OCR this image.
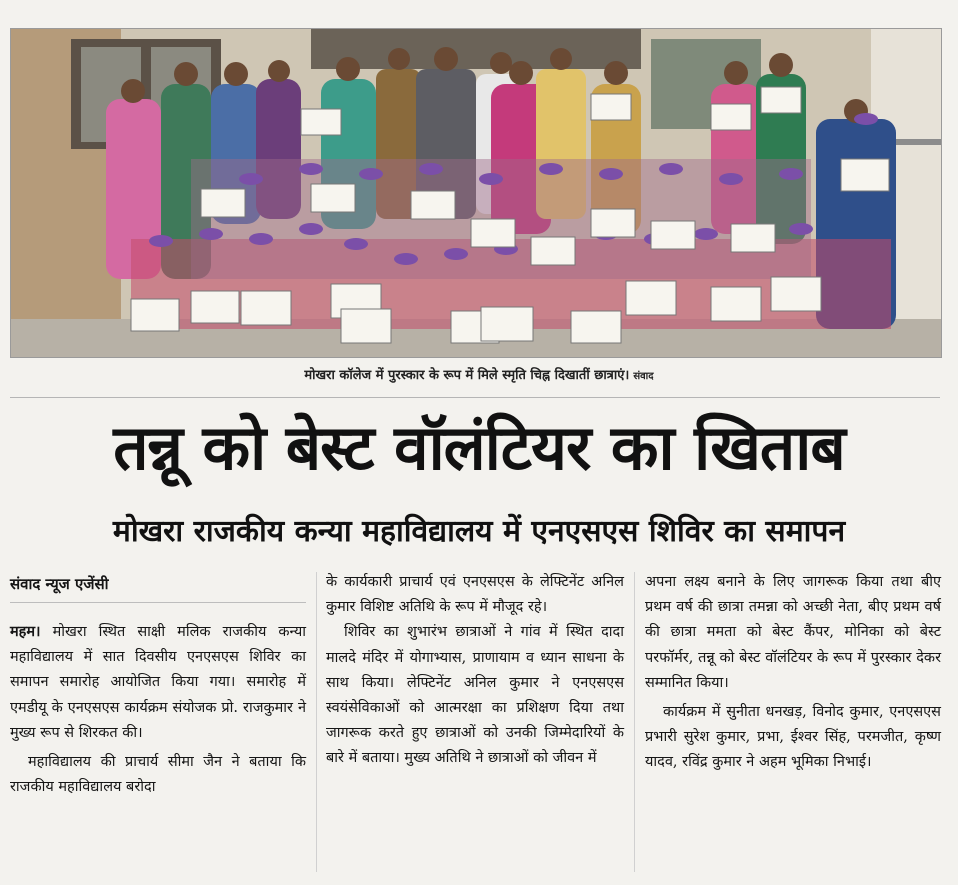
मोखरा कॉलेज में पुरस्कार के रूप में मिले स्मृति चिह्न दिखातीं छात्राएं। संवाद
तन्नू को बेस्ट वॉलंटियर का खिताब
मोखरा राजकीय कन्या महाविद्यालय में एनएसएस शिविर का समापन
संवाद न्यूज एजेंसी

महम। मोखरा स्थित साक्षी मलिक राजकीय कन्या महाविद्यालय में सात दिवसीय एनएसएस शिविर का समापन समारोह आयोजित किया गया। समारोह में एमडीयू के एनएसएस कार्यक्रम संयोजक प्रो. राजकुमार ने मुख्य रूप से शिरकत की।

महाविद्यालय की प्राचार्य सीमा जैन ने बताया कि राजकीय महाविद्यालय बरोदा

के कार्यकारी प्राचार्य एवं एनएसएस के लेफ्टिनेंट अनिल कुमार विशिष्ट अतिथि के रूप में मौजूद रहे।

शिविर का शुभारंभ छात्राओं ने गांव में स्थित दादा मालदे मंदिर में योगाभ्यास, प्राणायाम व ध्यान साधना के साथ किया। लेफ्टिनेंट अनिल कुमार ने एनएसएस स्वयंसेविकाओं को आत्मरक्षा का प्रशिक्षण दिया तथा जागरूक करते हुए छात्राओं को उनकी जिम्मेदारियों के बारे में बताया। मुख्य अतिथि ने छात्राओं को जीवन में

अपना लक्ष्य बनाने के लिए जागरूक किया तथा बीए प्रथम वर्ष की छात्रा तमन्ना को अच्छी नेता, बीए प्रथम वर्ष की छात्रा ममता को बेस्ट कैंपर, मोनिका को बेस्ट परफॉर्मर, तन्नू को बेस्ट वॉलंटियर के रूप में पुरस्कार देकर सम्मानित किया।

कार्यक्रम में सुनीता धनखड़, विनोद कुमार, एनएसएस प्रभारी सुरेश कुमार, प्रभा, ईश्वर सिंह, परमजीत, कृष्ण यादव, रविंद्र कुमार ने अहम भूमिका निभाई।
